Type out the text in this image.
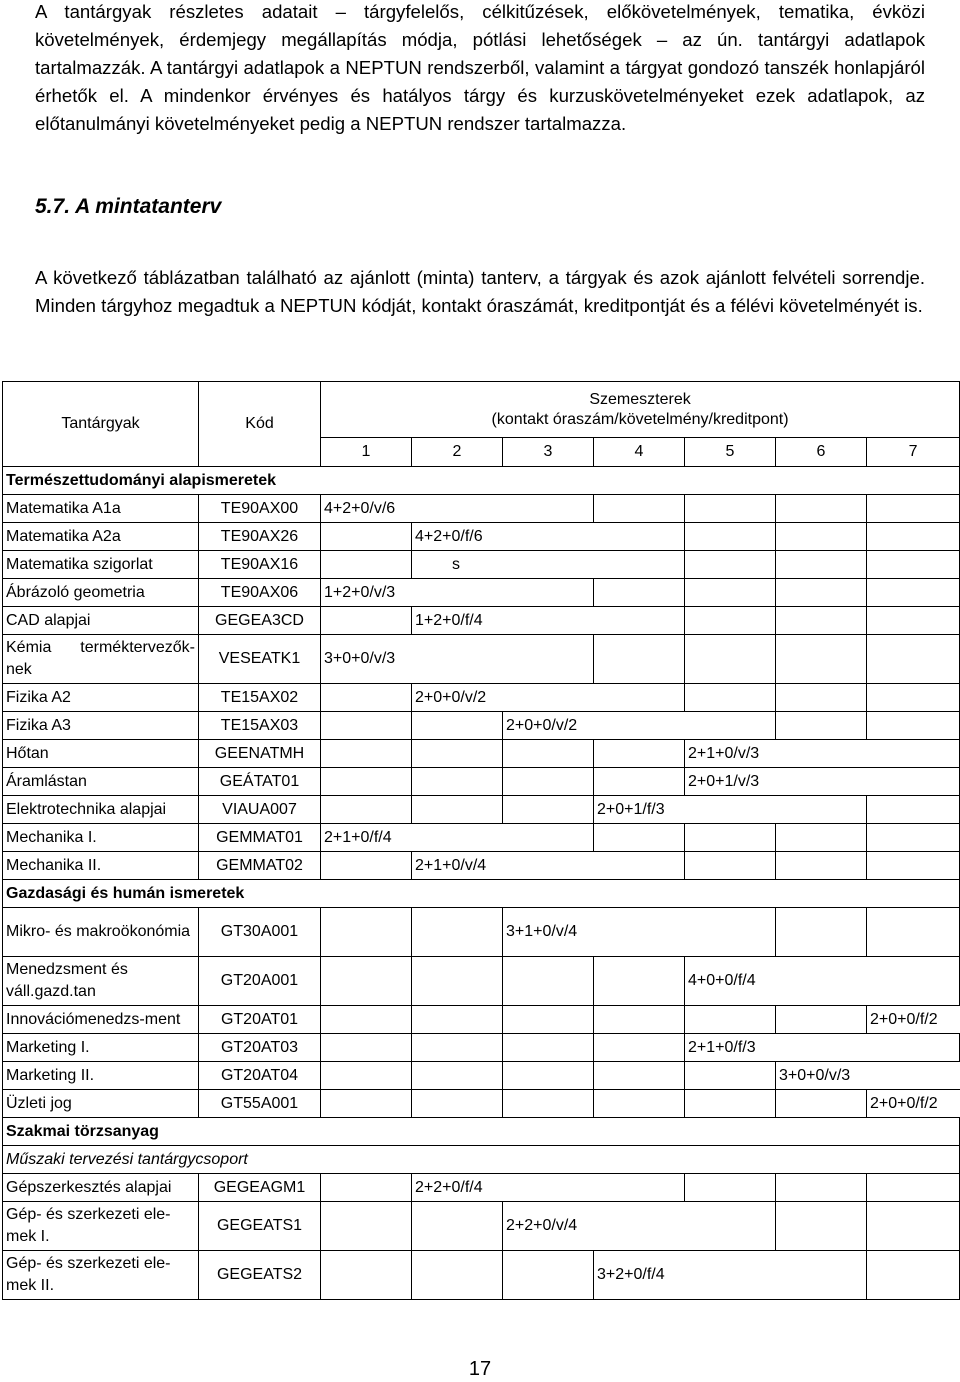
A tantárgyak részletes adatait – tárgyfelelős, célkitűzések, előkövetelmények, tematika, évközi követelmények, érdemjegy megállapítás módja, pótlási lehetőségek – az ún. tantárgyi adatlapok tartalmazzák. A tantárgyi adatlapok a NEPTUN rendszerből, valamint a tárgyat gondozó tanszék honlapjáról érhetők el. A mindenkor érvényes és hatályos tárgy és kurzuskövetelményeket ezek adatlapok, az előtanulmányi követelményeket pedig a NEPTUN rendszer tartalmazza.

5.7. A mintatanterv

A következő táblázatban található az ajánlott (minta) tanterv, a tárgyak és azok ajánlott felvételi sorrendje. Minden tárgyhoz megadtuk a NEPTUN kódját, kontakt óraszámát, kreditpontját és a félévi követelményét is.

Tantárgyak	Kód	Szemeszterek
(kontakt óraszám/követelmény/kreditpont)						

		1	2	3	4	5	6	7
Természettudományi alapismeretek								
Matematika A1a	TE90AX00	4+2+0/v/6						
Matematika A2a	TE90AX26		4+2+0/f/6					
Matematika szigorlat	TE90AX16		s					
Ábrázoló geometria	TE90AX06	1+2+0/v/3						
CAD alapjai	GEGEA3CD		1+2+0/f/4					

Kémia terméktervezők-nek	VESEATK1	3+0+0/v/3						
Fizika A2	TE15AX02		2+0+0/v/2					
Fizika A3	TE15AX03			2+0+0/v/2				
Hőtan	GEENATMH					2+1+0/v/3		
Áramlástan	GEÁTAT01					2+0+1/v/3		
Elektrotechnika alapjai	VIAUA007				2+0+1/f/3			
Mechanika I.	GEMMAT01	2+1+0/f/4						
Mechanika II.	GEMMAT02		2+1+0/v/4					
Gazdasági és humán ismeretek								
Mikro- és makroökonómia	GT30A001			3+1+0/v/4				
Menedzsment és váll.gazd.tan	GT20A001					4+0+0/f/4		
Innovációmenedzs-ment	GT20AT01							2+0+0/f/2
Marketing I.	GT20AT03					2+1+0/f/3		
Marketing II.	GT20AT04						3+0+0/v/3	
Üzleti jog	GT55A001							2+0+0/f/2
Szakmai törzsanyag								
Műszaki tervezési tantárgycsoport								
Gépszerkesztés alapjai	GEGEAGM1		2+2+0/f/4					
Gép- és szerkezeti ele-mek I.	GEGEATS1			2+2+0/v/4				
Gép- és szerkezeti ele-mek II.	GEGEATS2				3+2+0/f/4			
17
